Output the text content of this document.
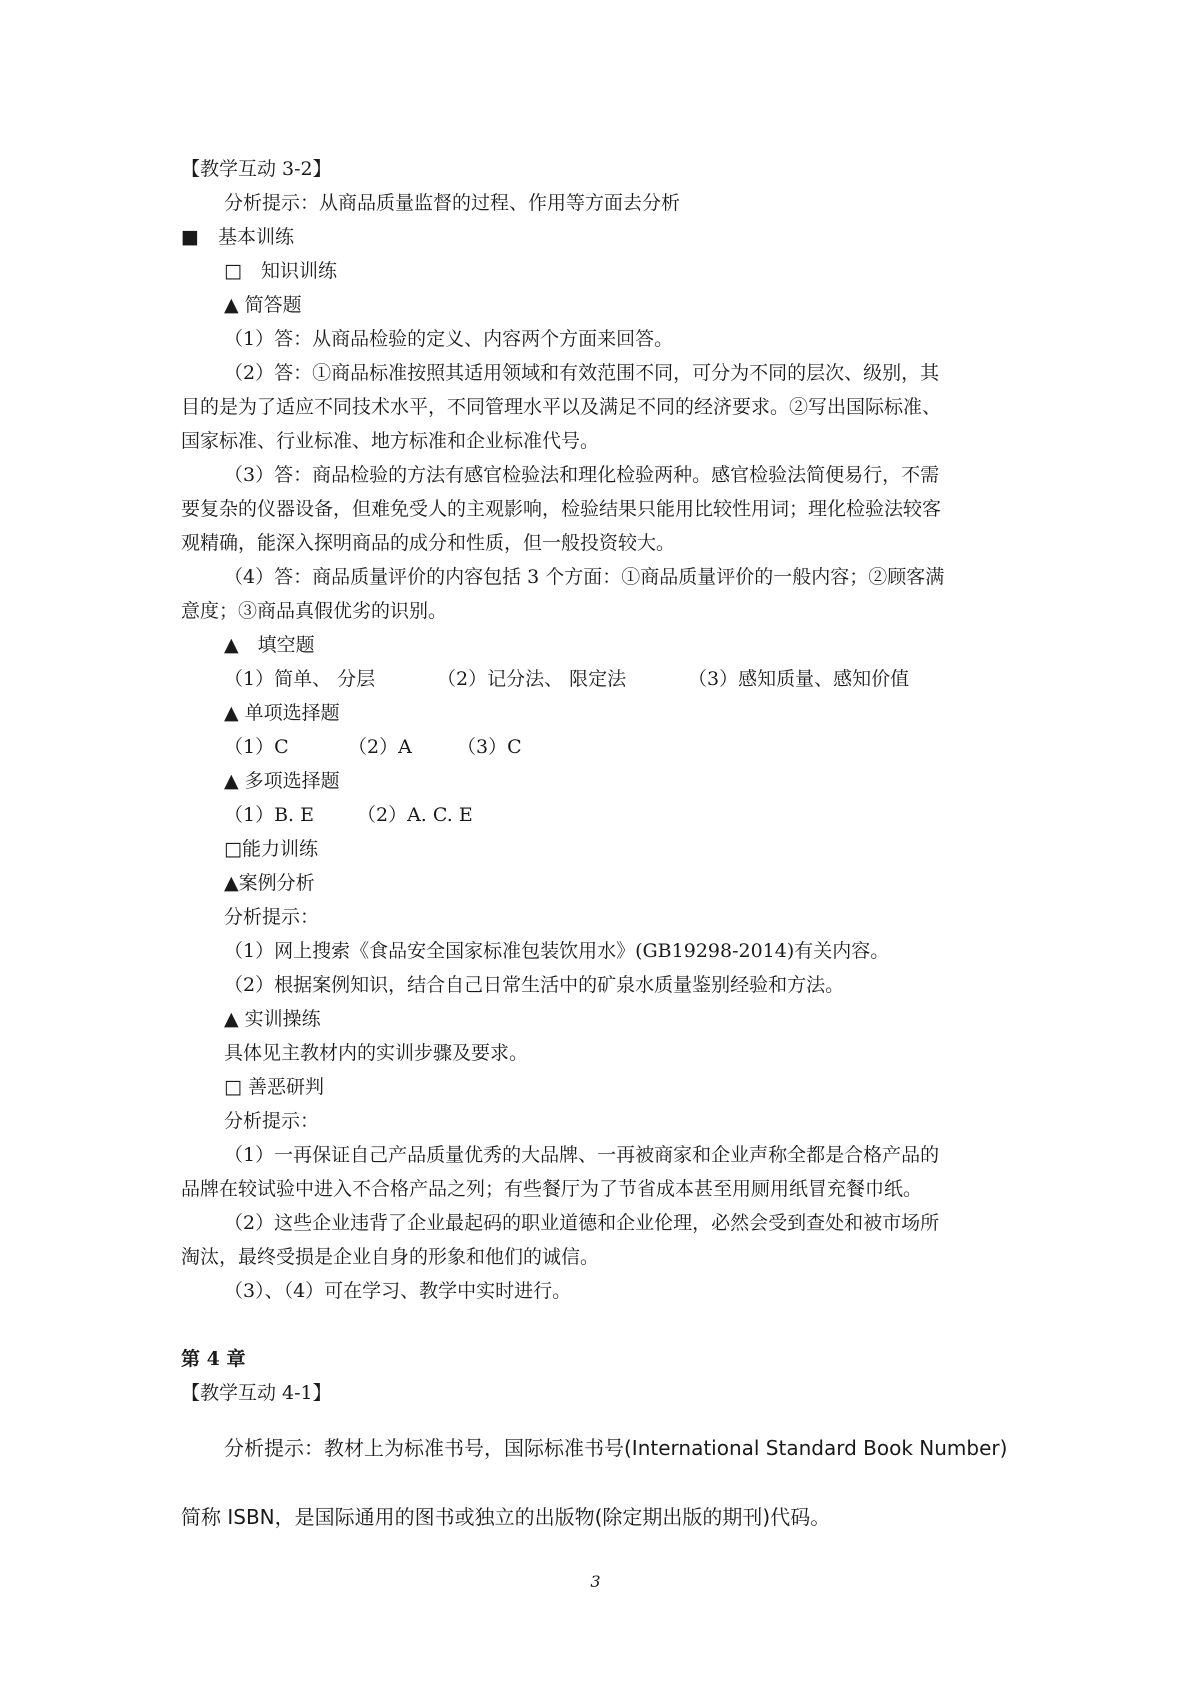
【教学互动 3-2】
分析提示：从商品质量监督的过程、作用等方面去分析
■　基本训练
□　知识训练
▲ 简答题
（1）答：从商品检验的定义、内容两个方面来回答。
（2）答：①商品标准按照其适用领域和有效范围不同，可分为不同的层次、级别，其
目的是为了适应不同技术水平，不同管理水平以及满足不同的经济要求。②写出国际标准、
国家标准、行业标准、地方标准和企业标准代号。
（3）答：商品检验的方法有感官检验法和理化检验两种。感官检验法简便易行，不需
要复杂的仪器设备，但难免受人的主观影响，检验结果只能用比较性用词；理化检验法较客
观精确，能深入探明商品的成分和性质，但一般投资较大。
（4）答：商品质量评价的内容包括 3 个方面：①商品质量评价的一般内容；②顾客满
意度；③商品真假优劣的识别。
▲　填空题
（1）简单、 分层	（2）记分法、 限定法	（3）感知质量、感知价值
▲ 单项选择题
（1）C	（2）A （3）C
▲ 多项选择题
（1）B. E （2）A. C. E
□能力训练
▲案例分析
分析提示：
（1）网上搜索《食品安全国家标准包装饮用水》(GB19298-2014)有关内容。
（2）根据案例知识，结合自己日常生活中的矿泉水质量鉴别经验和方法。
▲ 实训操练
具体见主教材内的实训步骤及要求。
□ 善恶研判
分析提示：
（1）一再保证自己产品质量优秀的大品牌、一再被商家和企业声称全都是合格产品的
品牌在较试验中进入不合格产品之列；有些餐厅为了节省成本甚至用厕用纸冒充餐巾纸。
（2）这些企业违背了企业最起码的职业道德和企业伦理，必然会受到查处和被市场所
淘汰，最终受损是企业自身的形象和他们的诚信。
（3）、（4）可在学习、教学中实时进行。
第 4 章
【教学互动 4-1】
分析提示：教材上为标准书号，国际标准书号(International Standard Book Number)
简称 ISBN，是国际通用的图书或独立的出版物(除定期出版的期刊)代码。
3
